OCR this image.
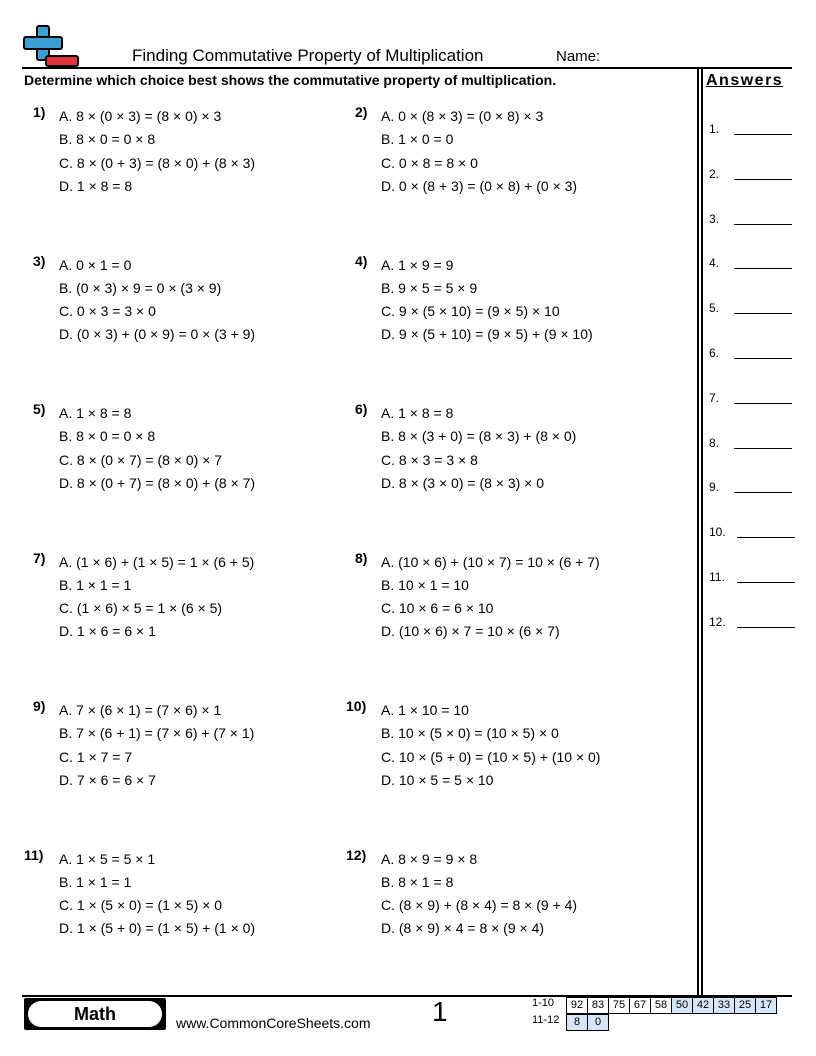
Finding Commutative Property of Multiplication	Name:
Determine which choice best shows the commutative property of multiplication.	Answers
1.
2.
3.
4.
5.
6.
7.
8.
9.
10.
11.
12.
1) A. 8 × (0 × 3) = (8 × 0) × 3
B. 8 × 0 = 0 × 8
C. 8 × (0 + 3) = (8 × 0) + (8 × 3)
D. 1 × 8 = 8
2) A. 0 × (8 × 3) = (0 × 8) × 3
B. 1 × 0 = 0
C. 0 × 8 = 8 × 0
D. 0 × (8 + 3) = (0 × 8) + (0 × 3)
3) A. 0 × 1 = 0
B. (0 × 3) × 9 = 0 × (3 × 9)
C. 0 × 3 = 3 × 0
D. (0 × 3) + (0 × 9) = 0 × (3 + 9)
4) A. 1 × 9 = 9
B. 9 × 5 = 5 × 9
C. 9 × (5 × 10) = (9 × 5) × 10
D. 9 × (5 + 10) = (9 × 5) + (9 × 10)
5) A. 1 × 8 = 8
B. 8 × 0 = 0 × 8
C. 8 × (0 × 7) = (8 × 0) × 7
D. 8 × (0 + 7) = (8 × 0) + (8 × 7)
6) A. 1 × 8 = 8
B. 8 × (3 + 0) = (8 × 3) + (8 × 0)
C. 8 × 3 = 3 × 8
D. 8 × (3 × 0) = (8 × 3) × 0
7) A. (1 × 6) + (1 × 5) = 1 × (6 + 5)
B. 1 × 1 = 1
C. (1 × 6) × 5 = 1 × (6 × 5)
D. 1 × 6 = 6 × 1
8) A. (10 × 6) + (10 × 7) = 10 × (6 + 7)
B. 10 × 1 = 10
C. 10 × 6 = 6 × 10
D. (10 × 6) × 7 = 10 × (6 × 7)
9) A. 7 × (6 × 1) = (7 × 6) × 1
B. 7 × (6 + 1) = (7 × 6) + (7 × 1)
C. 1 × 7 = 7
D. 7 × 6 = 6 × 7
10) A. 1 × 10 = 10
B. 10 × (5 × 0) = (10 × 5) × 0
C. 10 × (5 + 0) = (10 × 5) + (10 × 0)
D. 10 × 5 = 5 × 10
11) A. 1 × 5 = 5 × 1
B. 1 × 1 = 1
C. 1 × (5 × 0) = (1 × 5) × 0
D. 1 × (5 + 0) = (1 × 5) + (1 × 0)
12) A. 8 × 9 = 9 × 8
B. 8 × 1 = 8
C. (8 × 9) + (8 × 4) = 8 × (9 + 4)
D. (8 × 9) × 4 = 8 × (9 × 4)
Math	www.CommonCoreSheets.com 1	1-10	92 83 75 67 58 50 42 33 25 17
11-12	8	0
